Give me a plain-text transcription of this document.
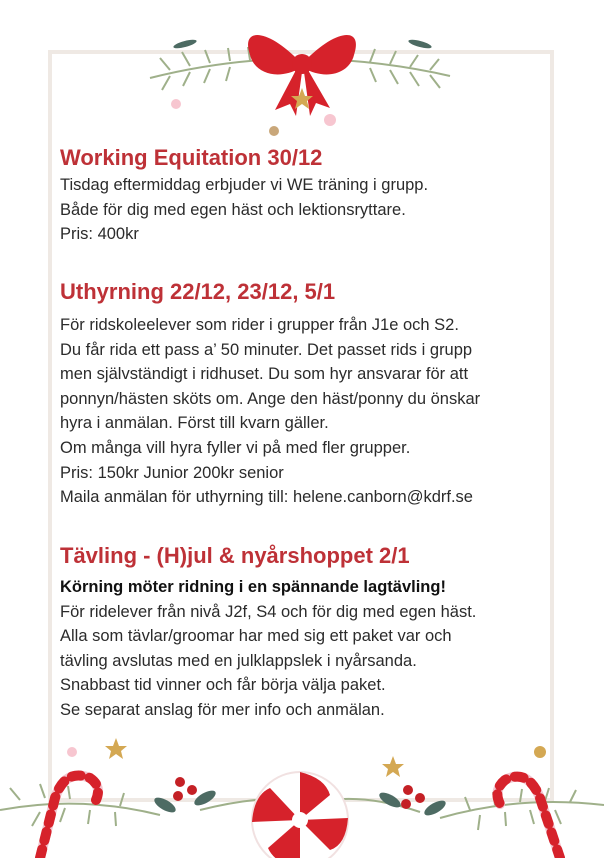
Working Equitation 30/12

Tisdag eftermiddag erbjuder vi WE träning i grupp.

Både för dig med egen häst och lektionsryttare.

Pris: 400kr

Uthyrning 22/12, 23/12, 5/1

För ridskoleelever som rider i grupper från J1e och S2.

Du får rida ett pass a’ 50 minuter. Det passet rids i grupp

men självständigt i ridhuset. Du som hyr ansvarar för att

ponnyn/hästen sköts om. Ange den häst/ponny du önskar

hyra i anmälan. Först till kvarn gäller.

Om många vill hyra fyller vi på med fler grupper.

Pris: 150kr Junior 200kr senior

Maila anmälan för uthyrning till: helene.canborn@kdrf.se

Tävling - (H)jul & nyårshoppet 2/1

Körning möter ridning i en spännande lagtävling!

För ridelever från nivå J2f, S4 och för dig med egen häst.

Alla som tävlar/groomar har med sig ett paket var och

tävling avslutas med en julklappslek i nyårsanda.

Snabbast tid vinner och får börja välja paket.

Se separat anslag för mer info och anmälan.
